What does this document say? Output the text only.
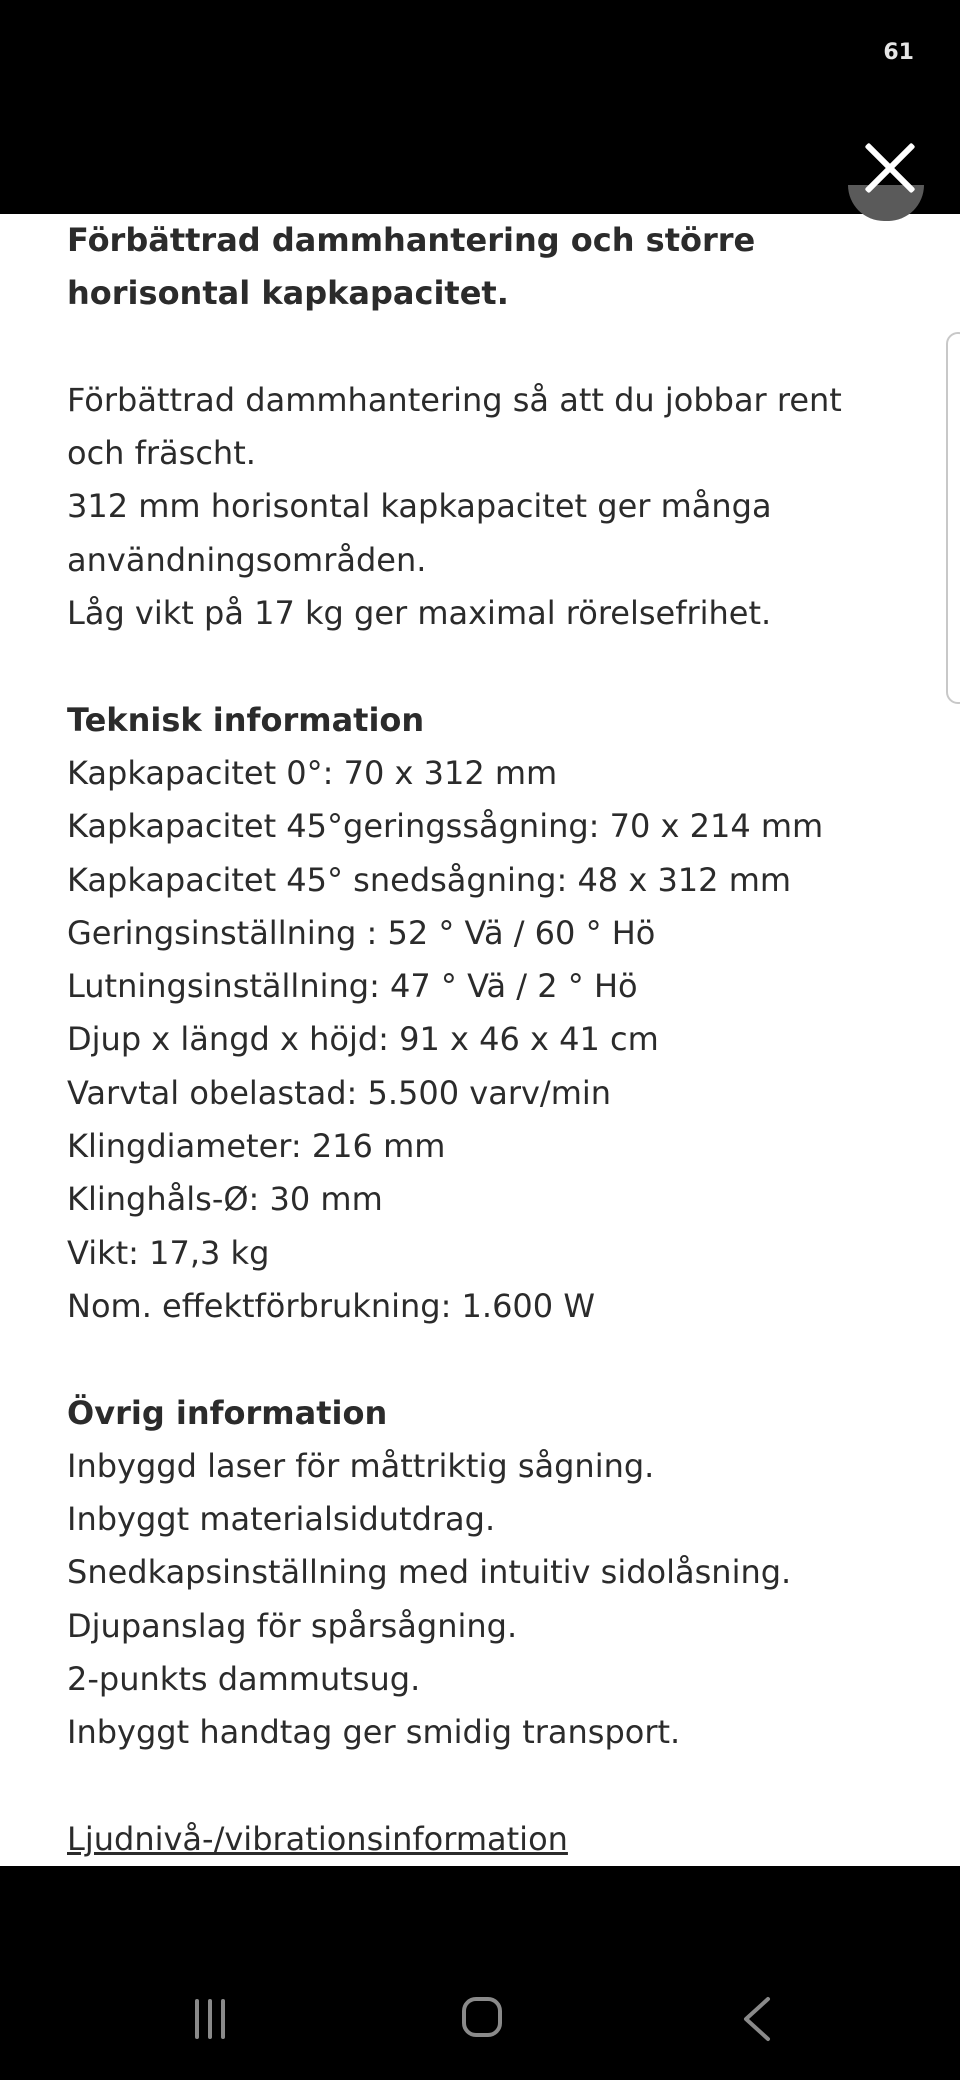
61

Förbättrad dammhantering och större horisontal kapkapacitet.

Förbättrad dammhantering så att du jobbar rent och fräscht.

312 mm horisontal kapkapacitet ger många användningsområden.

Låg vikt på 17 kg ger maximal rörelsefrihet.

Teknisk information

Kapkapacitet 0°: 70 x 312 mm

Kapkapacitet 45°geringssågning: 70 x 214 mm

Kapkapacitet 45° snedsågning: 48 x 312 mm

Geringsinställning : 52 ° Vä / 60 ° Hö

Lutningsinställning: 47 ° Vä / 2 ° Hö

Djup x längd x höjd: 91 x 46 x 41 cm

Varvtal obelastad: 5.500 varv/min

Klingdiameter: 216 mm

Klinghåls-Ø: 30 mm

Vikt: 17,3 kg

Nom. effektförbrukning: 1.600 W

Övrig information

Inbyggd laser för måttriktig sågning.

Inbyggt materialsidutdrag.

Snedkapsinställning med intuitiv sidolåsning.

Djupanslag för spårsågning.

2-punkts dammutsug.

Inbyggt handtag ger smidig transport.

Ljudnivå-/vibrationsinformation
